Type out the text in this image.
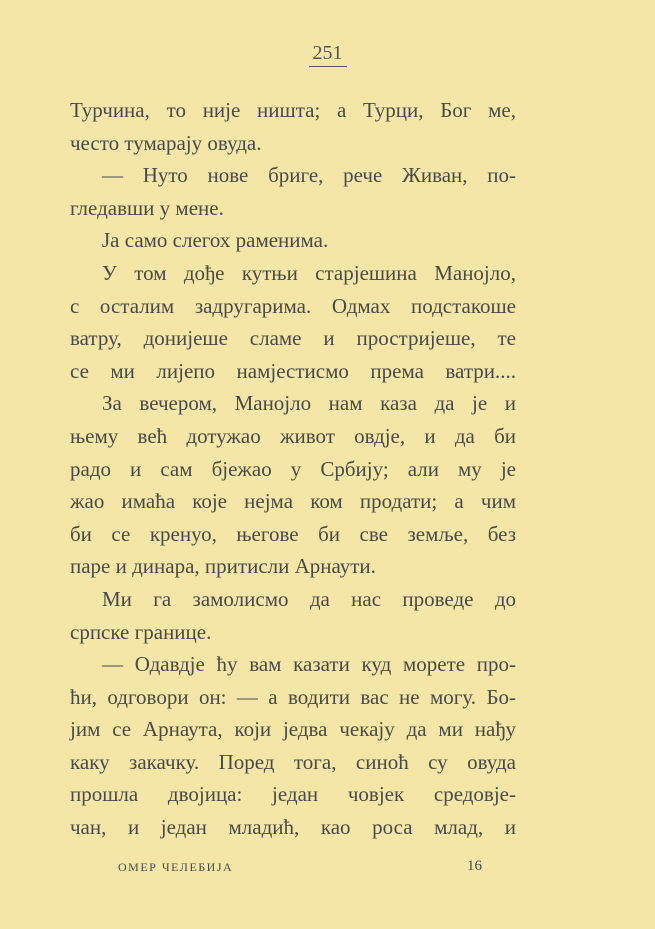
251
Турчина, то није ништа; а Турци, Бог ме,
често тумарају овуда.
— Нуто нове бриге, рече Живан, по-
гледавши у мене.
Ја само слегох раменима.
У том дође кутњи старјешина Манојло,
с осталим задругарима. Одмах подстакоше
ватру, донијеше сламе и простријеше, те
се ми лијепо намјестисмо према ватри....
За вечером, Манојло нам каза да је и
њему већ дотужао живот овдје, и да би
радо и сам бјежао у Србију; али му је
жао имаћа које нејма ком продати; а чим
би се кренуо, његове би све земље, без
паре и динара, притисли Арнаути.
Ми га замолисмо да нас проведе до
српске границе.
— Одавдје ћу вам казати куд морете про-
ћи, одговори он: — а водити вас не могу. Бо-
јим се Арнаута, који једва чекају да ми нађу
каку закачку. Поред тога, синоћ су овуда
прошла двојица: један човјек средовје-
чан, и један младић, као роса млад, и
ОМЕР ЧЕЛЕБИЈА	16
